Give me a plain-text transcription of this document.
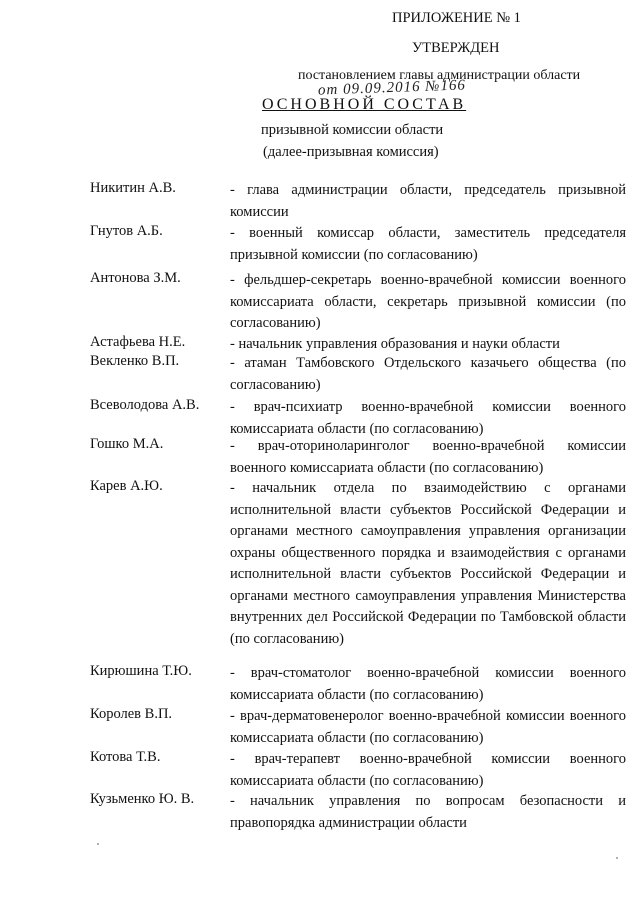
ПРИЛОЖЕНИЕ № 1
УТВЕРЖДЕН
постановлением главы администрации области
от 09.09.2016 №166
ОСНОВНОЙ СОСТАВ
призывной комиссии области
(далее-призывная комиссия)
Никитин А.В.	- глава администрации области, председатель призывной комиссии
Гнутов А.Б.	- военный комиссар области, заместитель председателя призывной комиссии (по согласованию)
Антонова З.М.	- фельдшер-секретарь военно-врачебной комиссии военного комиссариата области, секретарь призывной комиссии (по согласованию)
Астафьева Н.Е.	- начальник управления образования и науки области
Векленко В.П.	- атаман Тамбовского Отдельского казачьего общества (по согласованию)
Всеволодова А.В. - врач-психиатр военно-врачебной комиссии военного комиссариата области (по согласованию)
Гошко М.А.	- врач-оториноларинголог военно-врачебной комиссии военного комиссариата области (по согласованию)
Карев А.Ю.	- начальник отдела по взаимодействию с органами исполнительной власти субъектов Российской Федерации и органами местного самоуправления управления организации охраны общественного порядка и взаимодействия с органами исполнительной власти субъектов Российской Федерации и органами местного самоуправления управления Министерства внутренних дел Российской Федерации по Тамбовской области (по согласованию)
Кирюшина Т.Ю.	- врач-стоматолог военно-врачебной комиссии военного комиссариата области (по согласованию)
Королев В.П.	- врач-дерматовенеролог военно-врачебной комиссии военного комиссариата области (по согласованию)
Котова Т.В.	- врач-терапевт военно-врачебной комиссии военного комиссариата области (по согласованию)
Кузьменко Ю. В. - начальник управления по вопросам безопасности и правопорядка администрации области
